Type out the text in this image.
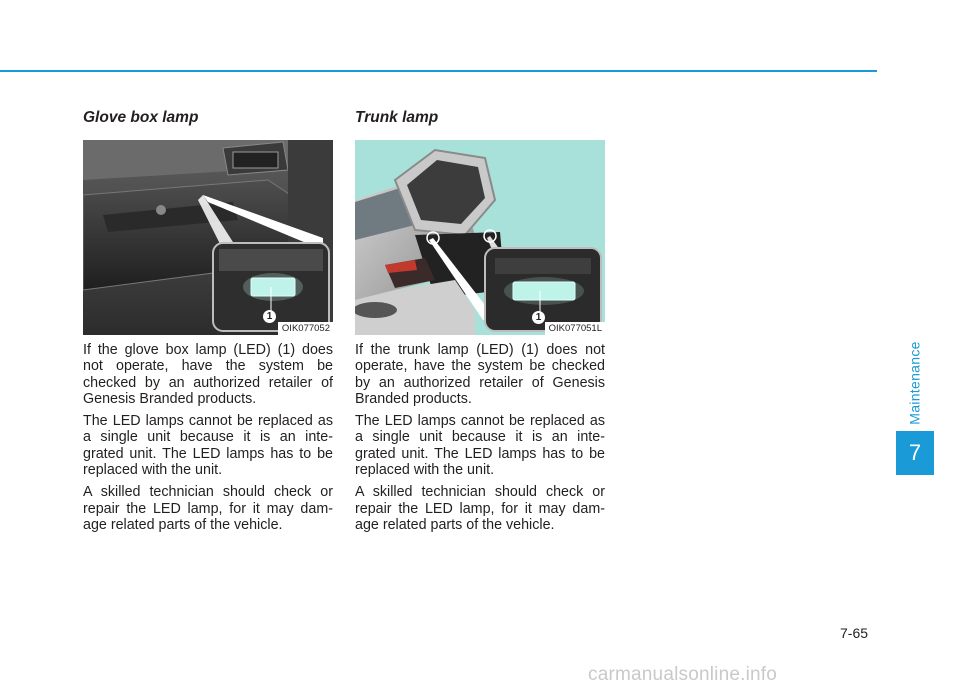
Glove box lamp
1
OIK077052

If the glove box lamp (LED) (1) does not operate, have the system be checked by an authorized retailer of Genesis Branded products.

The LED lamps cannot be replaced as a single unit because it is an inte-grated unit. The LED lamps has to be replaced with the unit.

A skilled technician should check or repair the LED lamp, for it may dam-age related parts of the vehicle.

Trunk lamp
1
OIK077051L

If the trunk lamp (LED) (1) does not operate, have the system be checked by an authorized retailer of Genesis Branded products.

The LED lamps cannot be replaced as a single unit because it is an inte-grated unit. The LED lamps has to be replaced with the unit.

A skilled technician should check or repair the LED lamp, for it may dam-age related parts of the vehicle.

Maintenance
7
7-65
carmanualsonline.info
